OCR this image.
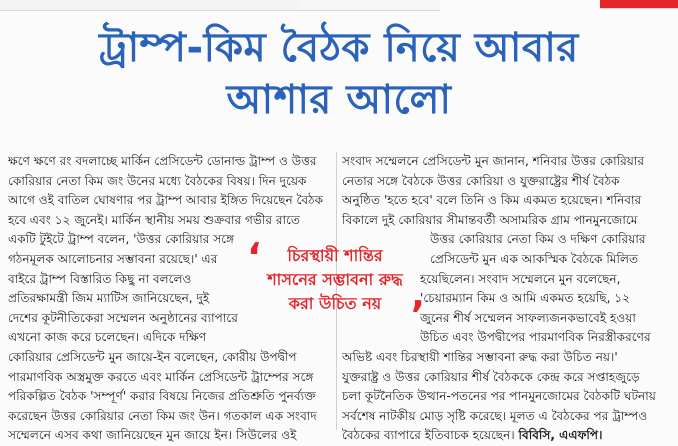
ট্রাম্প-কিম বৈঠক নিয়ে আবার
আশার আলো
ক্ষণে ক্ষণে রং বদলাচ্ছে মার্কিন প্রেসিডেন্ট ডোনাল্ড ট্রাম্প ও উত্তর
কোরিয়ার নেতা কিম জং উনের মধ্যে বৈঠকের বিষয়। দিন দুয়েক
আগে ওই বাতিল ঘোষণার পর ট্রাম্প আবার ইঙ্গিত দিয়েছেন বৈঠক
হবে এবং ১২ জুনেই। মার্কিন স্থানীয় সময় শুক্রবার গভীর রাতে
একটি টুইটে ট্রাম্প বলেন, 'উত্তর কোরিয়ার সঙ্গে
গঠনমূলক আলোচনার সম্ভাবনা রয়েছে।' এর
বাইরে ট্রাম্প বিস্তারিত কিছু না বললেও
প্রতিরক্ষামন্ত্রী জিম ম্যাটিস জানিয়েছেন, দুই
দেশের কূটনীতিকেরা সম্মেলন অনুষ্ঠানের ব্যাপারে
এখনো কাজ করে চলেছেন। এদিকে দক্ষিণ
কোরিয়ার প্রেসিডেন্ট মুন জায়ে-ইন বলেছেন, কোরীয় উপদ্বীপ
পারমাণবিক অস্ত্রমুক্ত করতে এবং মার্কিন প্রেসিডেন্ট ট্রাম্পের সঙ্গে
পরিকল্পিত বৈঠক 'সম্পূর্ণ' করার বিষয়ে নিজের প্রতিশ্রুতি পুনর্ব্যক্ত
করেছেন উত্তর কোরিয়ার নেতা কিম জং উন। গতকাল এক সংবাদ
সম্মেলনে এসব কথা জানিয়েছেন মুন জায়ে ইন। সিউলের ওই
সংবাদ সম্মেলনে প্রেসিডেন্ট মুন জানান, শনিবার উত্তর কোরিয়ার
নেতার সঙ্গে বৈঠকে উত্তর কোরিয়া ও যুক্তরাষ্ট্রের শীর্ষ বৈঠক
অনুষ্ঠিত 'হতে হবে' বলে তিনি ও কিম একমত হয়েছেন। শনিবার
বিকালে দুই কোরিয়ার সীমান্তবর্তী অসামরিক গ্রাম পানমুনজোমে
উত্তর কোরিয়ার নেতা কিম ও দক্ষিণ কোরিয়ার
প্রেসিডেন্ট মুন এক আকস্মিক বৈঠকে মিলিত
হয়েছিলেন। সংবাদ সম্মেলনে মুন বলেছেন,
'চেয়ারম্যান কিম ও আমি একমত হয়েছি, ১২
জুনের শীর্ষ সম্মেলন সাফল্যজনকভাবেই হওয়া
উচিত এবং উপদ্বীপের পারমাণবিক নিরস্ত্রীকরণের
অভিষ্ট এবং চিরস্থায়ী শান্তির সম্ভাবনা রুদ্ধ করা উচিত নয়।'
যুক্তরাষ্ট্র ও উত্তর কোরিয়ার শীর্ষ বৈঠককে কেন্দ্র করে সপ্তাহজুড়ে
চলা কূটনৈতিক উত্থান-পতনের পর পানমুনজোমের বৈঠকটি ঘটনায়
সর্বশেষ নাটকীয় মোড় সৃষ্টি করেছে। মূলত এ বৈঠকের পর ট্রাম্পও
বৈঠকের ব্যাপারে ইতিবাচক হয়েছেন। বিবিসি, এএফপি।
‘	চিরস্থায়ী শান্তির
শাসনের সম্ভাবনা রুদ্ধ
করা উচিত নয় ’
